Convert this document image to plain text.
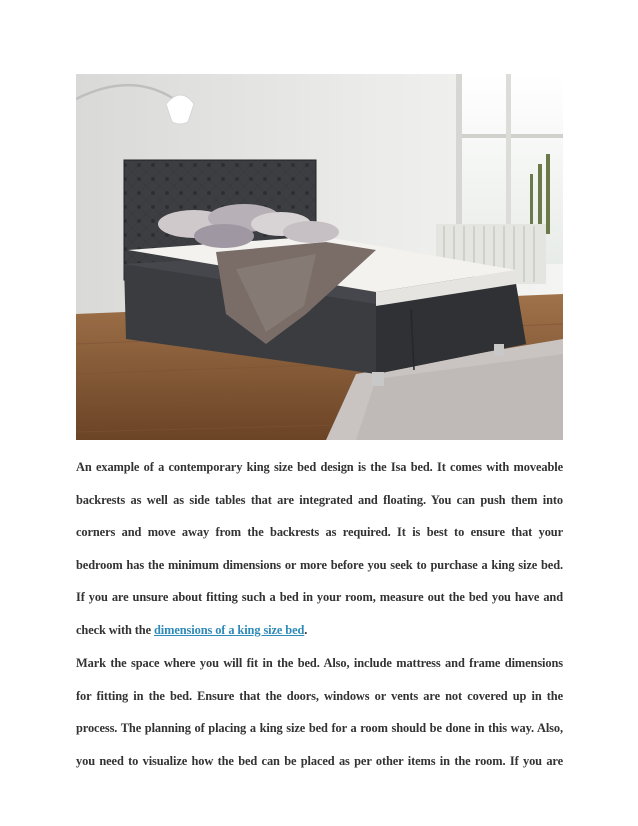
An example of a contemporary king size bed design is the Isa bed. It comes with moveable
backrests as well as side tables that are integrated and floating. You can push them into
corners and move away from the backrests as required. It is best to ensure that your
bedroom has the minimum dimensions or more before you seek to purchase a king size bed.
If you are unsure about fitting such a bed in your room, measure out the bed you have and
check with the dimensions of a king size bed.
Mark the space where you will fit in the bed. Also, include mattress and frame dimensions
for fitting in the bed. Ensure that the doors, windows or vents are not covered up in the
process. The planning of placing a king size bed for a room should be done in this way. Also,
you need to visualize how the bed can be placed as per other items in the room. If you are
